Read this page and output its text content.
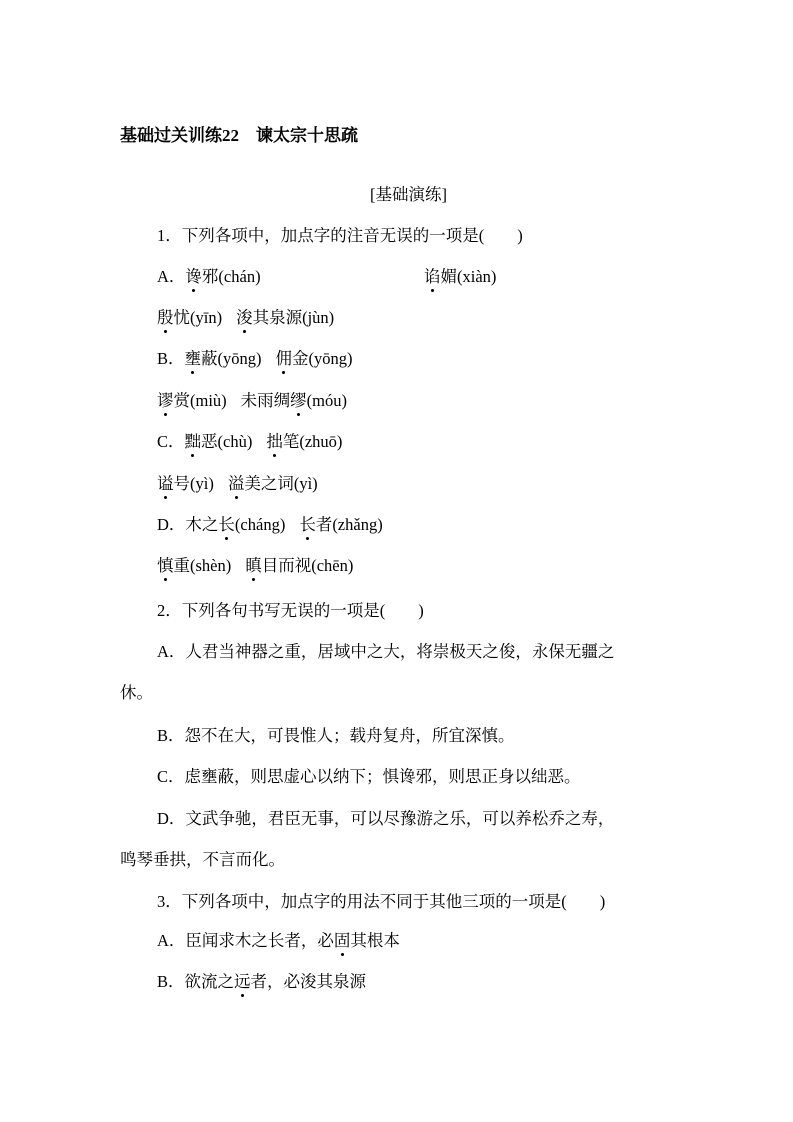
基础过关训练22　谏太宗十思疏
[基础演练]
1．下列各项中，加点字的注音无误的一项是(　　)
A．谗邪(chán)	谄媚(xiàn)
殷忧(yīn) 浚其泉源(jùn)
B．壅蔽(yōng) 佣金(yōng)
谬赏(miù) 未雨绸缪(móu)
C．黜恶(chù) 拙笔(zhuō)
谥号(yì) 溢美之词(yì)
D．木之长(cháng) 长者(zhǎng)
慎重(shèn) 瞋目而视(chēn)
2．下列各句书写无误的一项是(　　)
A．人君当神器之重，居域中之大，将崇极天之俊，永保无疆之
休。
B．怨不在大，可畏惟人；载舟复舟，所宜深慎。
C．虑壅蔽，则思虚心以纳下；惧谗邪，则思正身以绌恶。
D．文武争驰，君臣无事，可以尽豫游之乐，可以养松乔之寿，
鸣琴垂拱，不言而化。
3．下列各项中，加点字的用法不同于其他三项的一项是(　　)
A．臣闻求木之长者，必固其根本
B．欲流之远者，必浚其泉源
